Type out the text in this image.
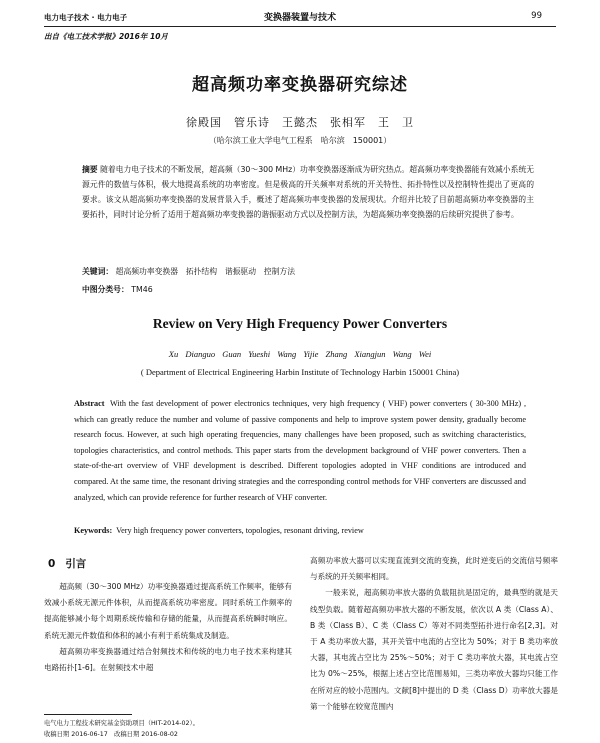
电力电子技术 · 电力电子	变换器装置与技术	99
出自《电工技术学报》2016年 10月
超高频功率变换器研究综述
徐殿国　管乐诗　王懿杰　张相军　王　卫
（哈尔滨工业大学电气工程系　哈尔滨　150001）
摘要 随着电力电子技术的不断发展，超高频（30～300 MHz）功率变换器逐渐成为研究热点。超高频功率变换器能有效减小系统无源元件的数值与体积，极大地提高系统的功率密度。但是极高的开关频率对系统的开关特性、拓扑特性以及控制特性提出了更高的要求。该文从超高频功率变换器的发展背景入手，概述了超高频功率变换器的发展现状。介绍并比较了目前超高频功率变换器的主要拓扑，同时讨论分析了适用于超高频功率变换器的谐振驱动方式以及控制方法，为超高频功率变换器的后续研究提供了参考。
关键词： 超高频功率变换器　拓扑结构　谐振驱动　控制方法
中图分类号： TM46
Review on Very High Frequency Power Converters
Xu Dianguo Guan Yueshi Wang Yijie Zhang Xiangjun Wang Wei
( Department of Electrical Engineering Harbin Institute of Technology Harbin 150001 China)
Abstract With the fast development of power electronics techniques, very high frequency ( VHF) power converters ( 30-300 MHz) , which can greatly reduce the number and volume of passive components and help to improve system power density, gradually become research focus. However, at such high operating frequencies, many challenges have been proposed, such as switching characteristics, topologies characteristics, and control methods. This paper starts from the development background of VHF power converters. Then a state-of-the-art overview of VHF development is described. Different topologies adopted in VHF conditions are introduced and compared. At the same time, the resonant driving strategies and the corresponding control methods for VHF converters are discussed and analyzed, which can provide reference for further research of VHF converter.
Keywords: Very high frequency power converters, topologies, resonant driving, review
0 引言

超高频（30～300 MHz）功率变换器通过提高系统工作频率，能够有效减小系统无源元件体积，从而提高系统功率密度。同时系统工作频率的提高能够减小每个周期系统传输和存储的能量，从而提高系统瞬时响应。系统无源元件数值和体积的减小有利于系统集成及制造。

超高频功率变换器通过结合射频技术和传统的电力电子技术来构建其电路拓扑[1-6]。在射频技术中超

高频功率放大器可以实现直流到交流的变换，此时逆变后的交流信号频率与系统的开关频率相同。

一般来说，超高频功率放大器的负载阻抗是固定的，最典型的就是天线型负载。随着超高频功率放大器的不断发展，依次以 A 类（Class A）、B 类（Class B）、C 类（Class C）等对不同类型拓扑进行命名[2,3]。对于 A 类功率放大器，其开关管中电流的占空比为 50%；对于 B 类功率放大器，其电流占空比为 25%～50%；对于 C 类功率放大器，其电流占空比为 0%～25%，根据上述占空比范围易知，三类功率放大器均只能工作在所对应的较小范围内。文献[8]中提出的 D 类（Class D）功率放大器是第一个能够在较宽范围内

电气电力工程技术研究基金资助项目（HIT-2014-02）。
收稿日期 2016-06-17　改稿日期 2016-08-02
